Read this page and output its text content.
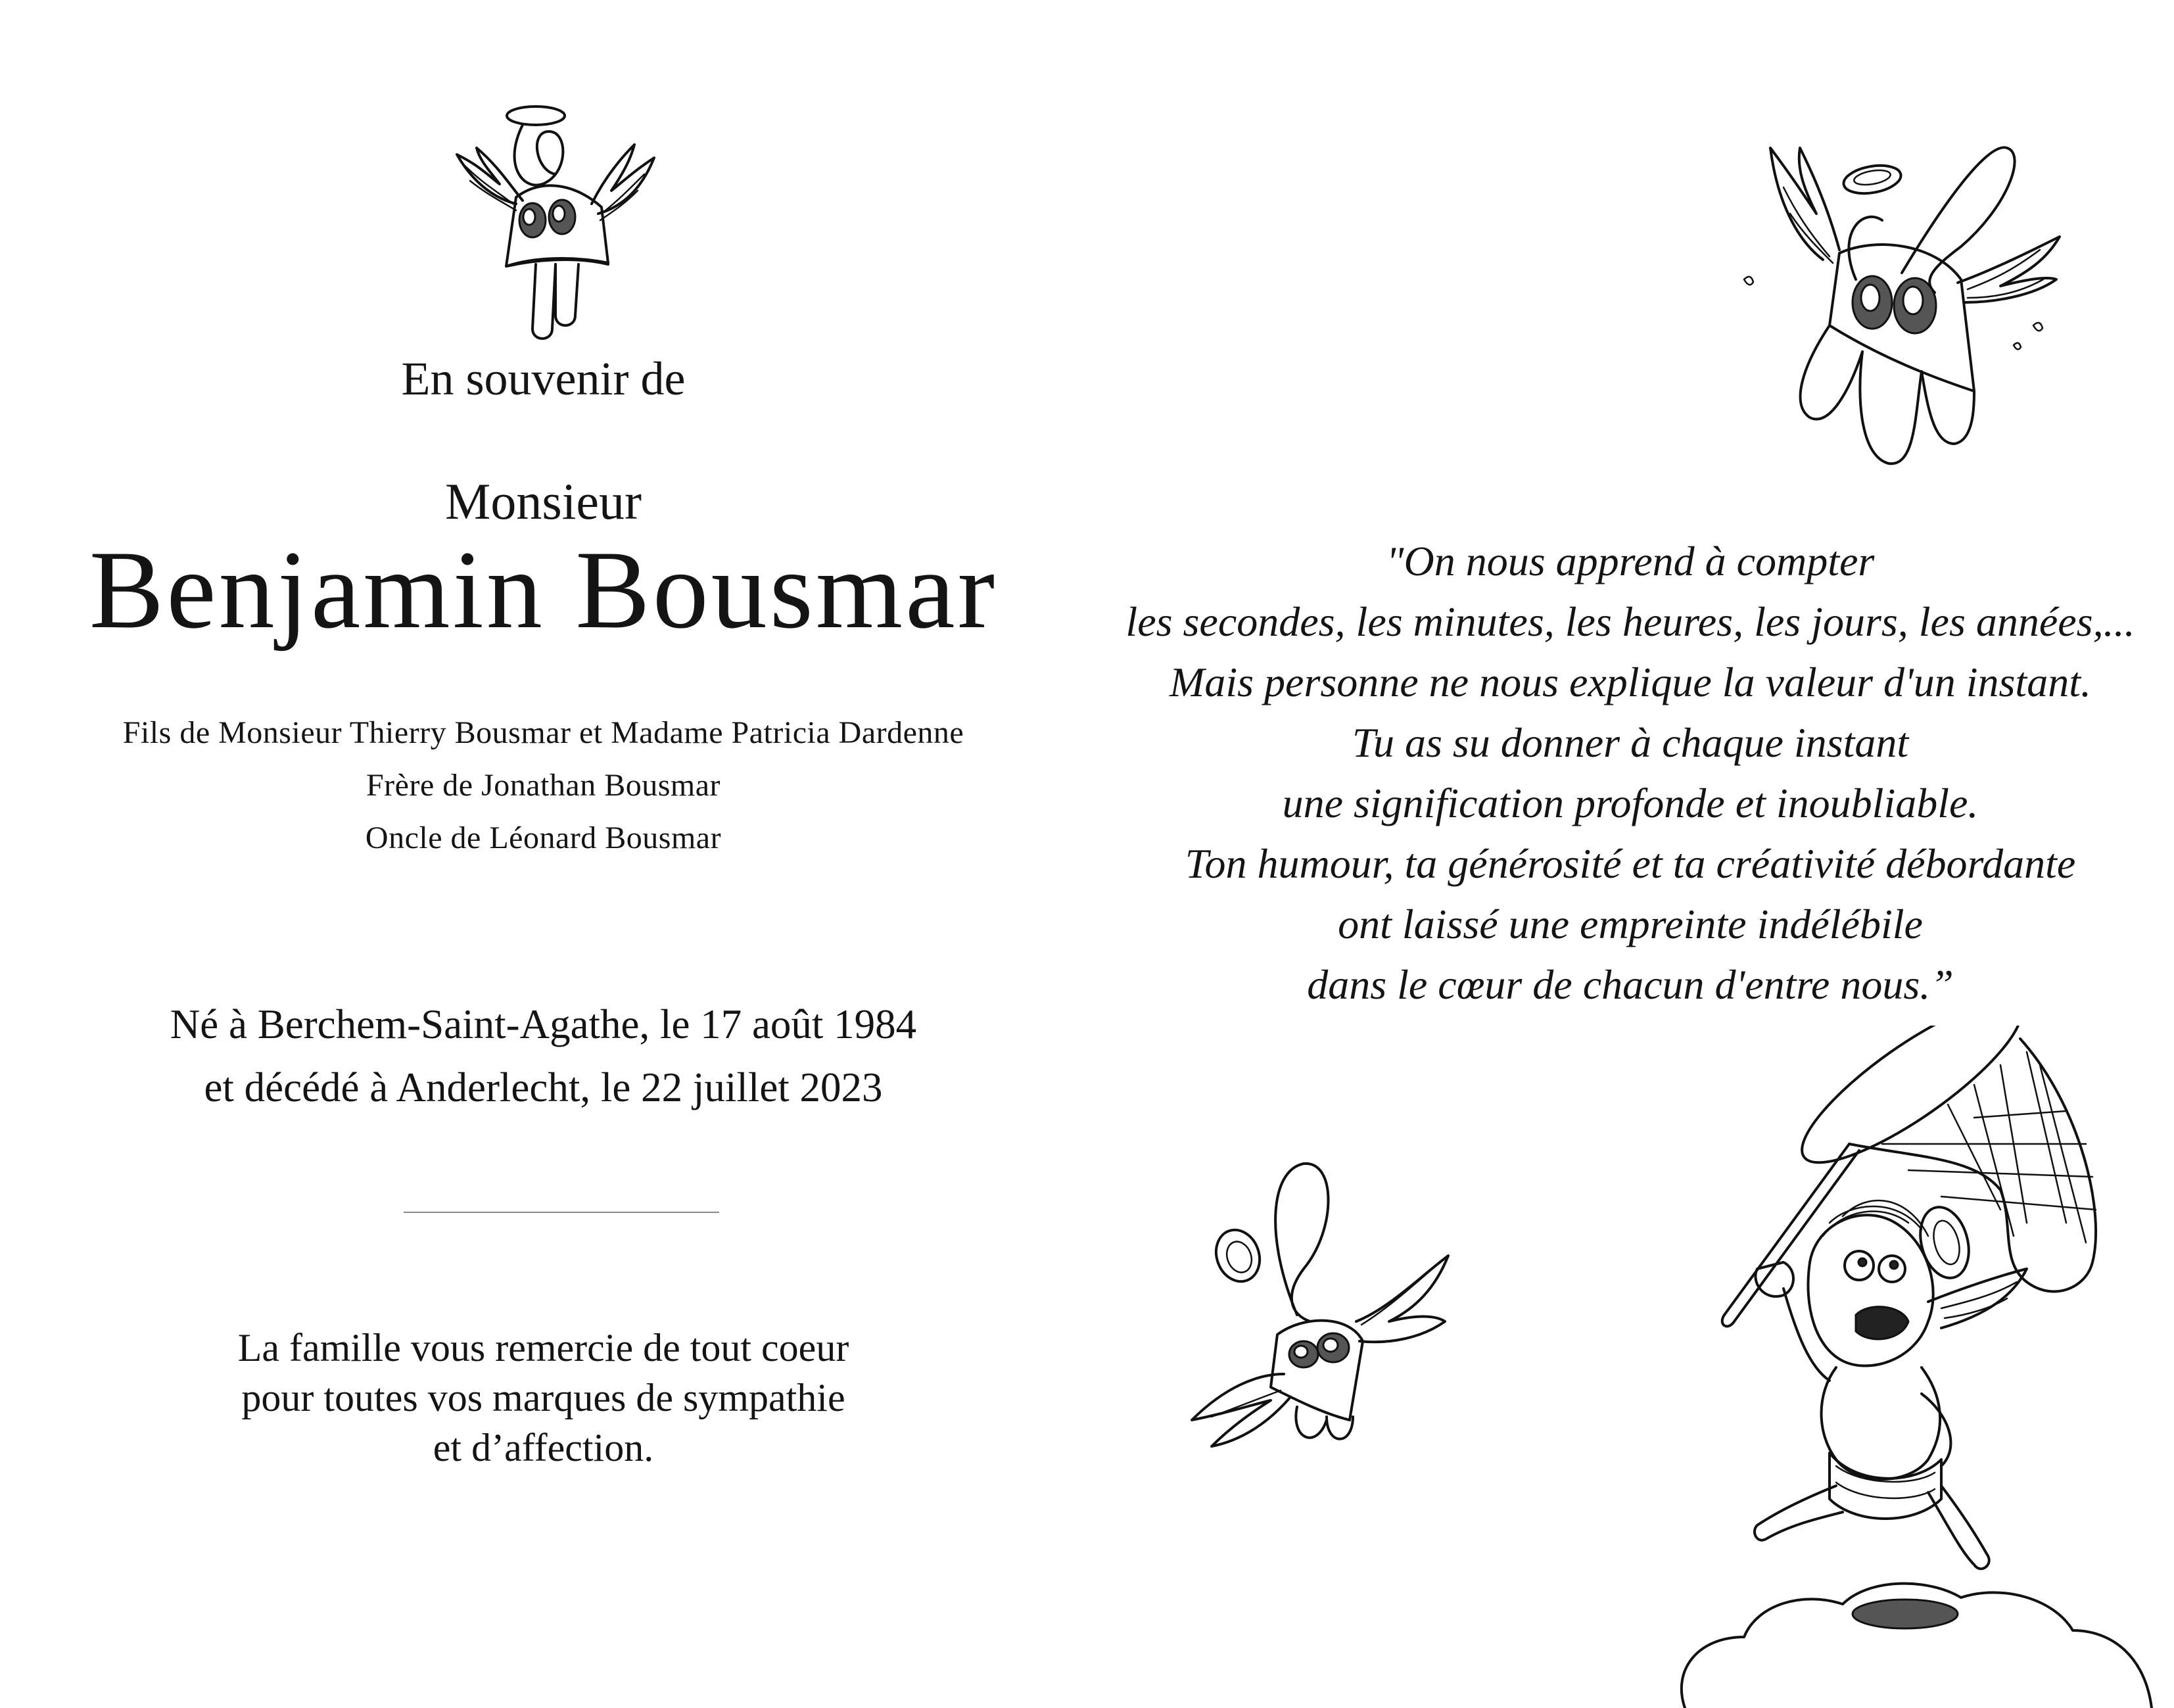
En souvenir de
Monsieur
Benjamin Bousmar
Fils de Monsieur Thierry Bousmar et Madame Patricia Dardenne
Frère de Jonathan Bousmar
Oncle de Léonard Bousmar
Né à Berchem-Saint-Agathe, le 17 août 1984
et décédé à Anderlecht, le 22 juillet 2023
La famille vous remercie de tout coeur
pour toutes vos marques de sympathie
et d’affection.
"On nous apprend à compter
les secondes, les minutes, les heures, les jours, les années,...
Mais personne ne nous explique la valeur d'un instant.
Tu as su donner à chaque instant
une signification profonde et inoubliable.
Ton humour, ta générosité et ta créativité débordante
ont laissé une empreinte indélébile
dans le cœur de chacun d'entre nous.”
